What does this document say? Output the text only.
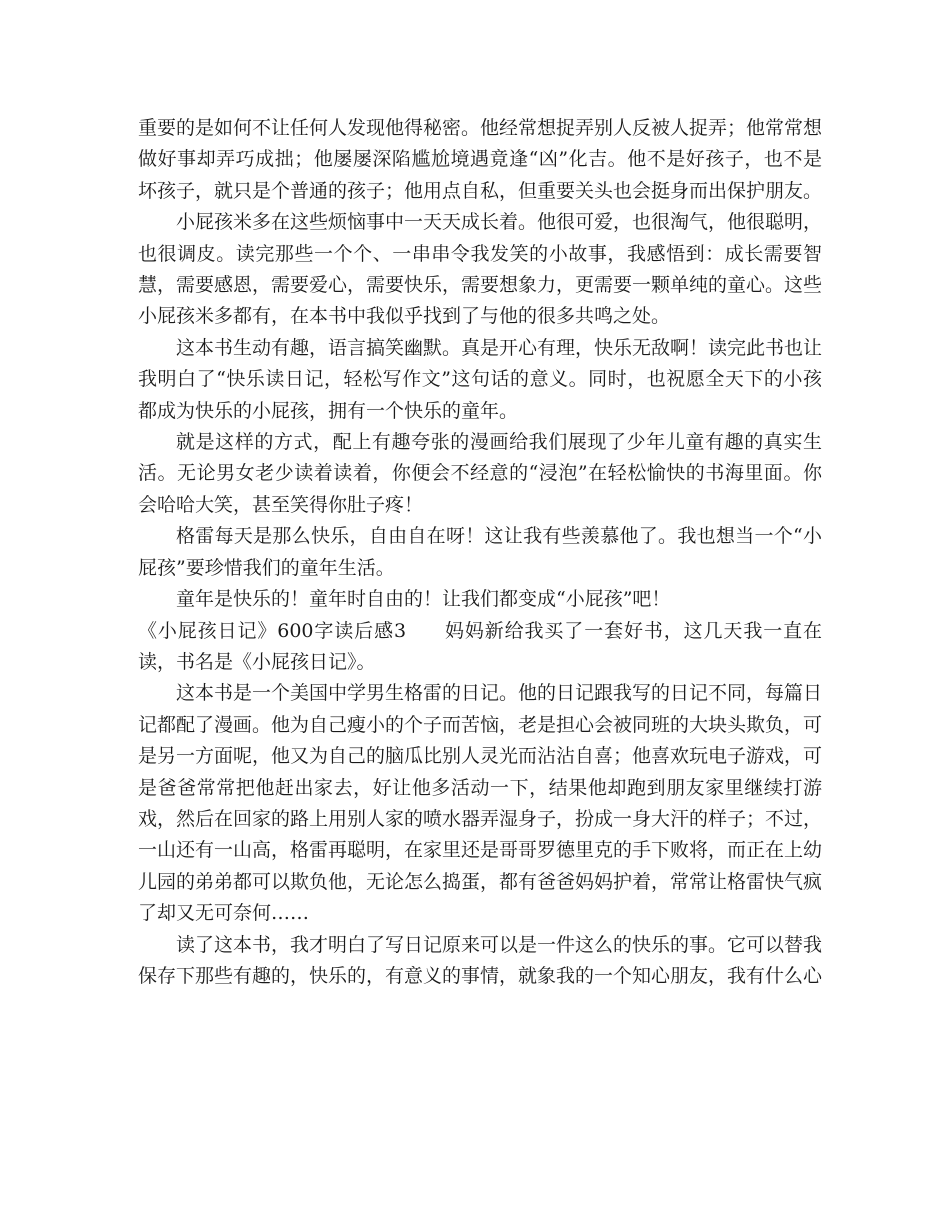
重要的是如何不让任何人发现他得秘密。他经常想捉弄别人反被人捉弄；他常常想做好事却弄巧成拙；他屡屡深陷尴尬境遇竟逢“凶”化吉。他不是好孩子，也不是坏孩子，就只是个普通的孩子；他用点自私，但重要关头也会挺身而出保护朋友。

小屁孩米多在这些烦恼事中一天天成长着。他很可爱，也很淘气，他很聪明，也很调皮。读完那些一个个、一串串令我发笑的小故事，我感悟到：成长需要智慧，需要感恩，需要爱心，需要快乐，需要想象力，更需要一颗单纯的童心。这些小屁孩米多都有，在本书中我似乎找到了与他的很多共鸣之处。

这本书生动有趣，语言搞笑幽默。真是开心有理，快乐无敌啊！读完此书也让我明白了“快乐读日记，轻松写作文”这句话的意义。同时，也祝愿全天下的小孩都成为快乐的小屁孩，拥有一个快乐的童年。

就是这样的方式，配上有趣夸张的漫画给我们展现了少年儿童有趣的真实生活。无论男女老少读着读着，你便会不经意的“浸泡”在轻松愉快的书海里面。你会哈哈大笑，甚至笑得你肚子疼！

格雷每天是那么快乐，自由自在呀！这让我有些羡慕他了。我也想当一个“小屁孩”要珍惜我们的童年生活。

童年是快乐的！童年时自由的！让我们都变成“小屁孩”吧！

《小屁孩日记》600字读后感3 妈妈新给我买了一套好书，这几天我一直在读，书名是《小屁孩日记》。

这本书是一个美国中学男生格雷的日记。他的日记跟我写的日记不同，每篇日记都配了漫画。他为自己瘦小的个子而苦恼，老是担心会被同班的大块头欺负，可是另一方面呢，他又为自己的脑瓜比别人灵光而沾沾自喜；他喜欢玩电子游戏，可是爸爸常常把他赶出家去，好让他多活动一下，结果他却跑到朋友家里继续打游戏，然后在回家的路上用别人家的喷水器弄湿身子，扮成一身大汗的样子；不过，一山还有一山高，格雷再聪明，在家里还是哥哥罗德里克的手下败将，而正在上幼儿园的弟弟都可以欺负他，无论怎么捣蛋，都有爸爸妈妈护着，常常让格雷快气疯了却又无可奈何……

读了这本书，我才明白了写日记原来可以是一件这么的快乐的事。它可以替我保存下那些有趣的，快乐的，有意义的事情，就象我的一个知心朋友，我有什么心
